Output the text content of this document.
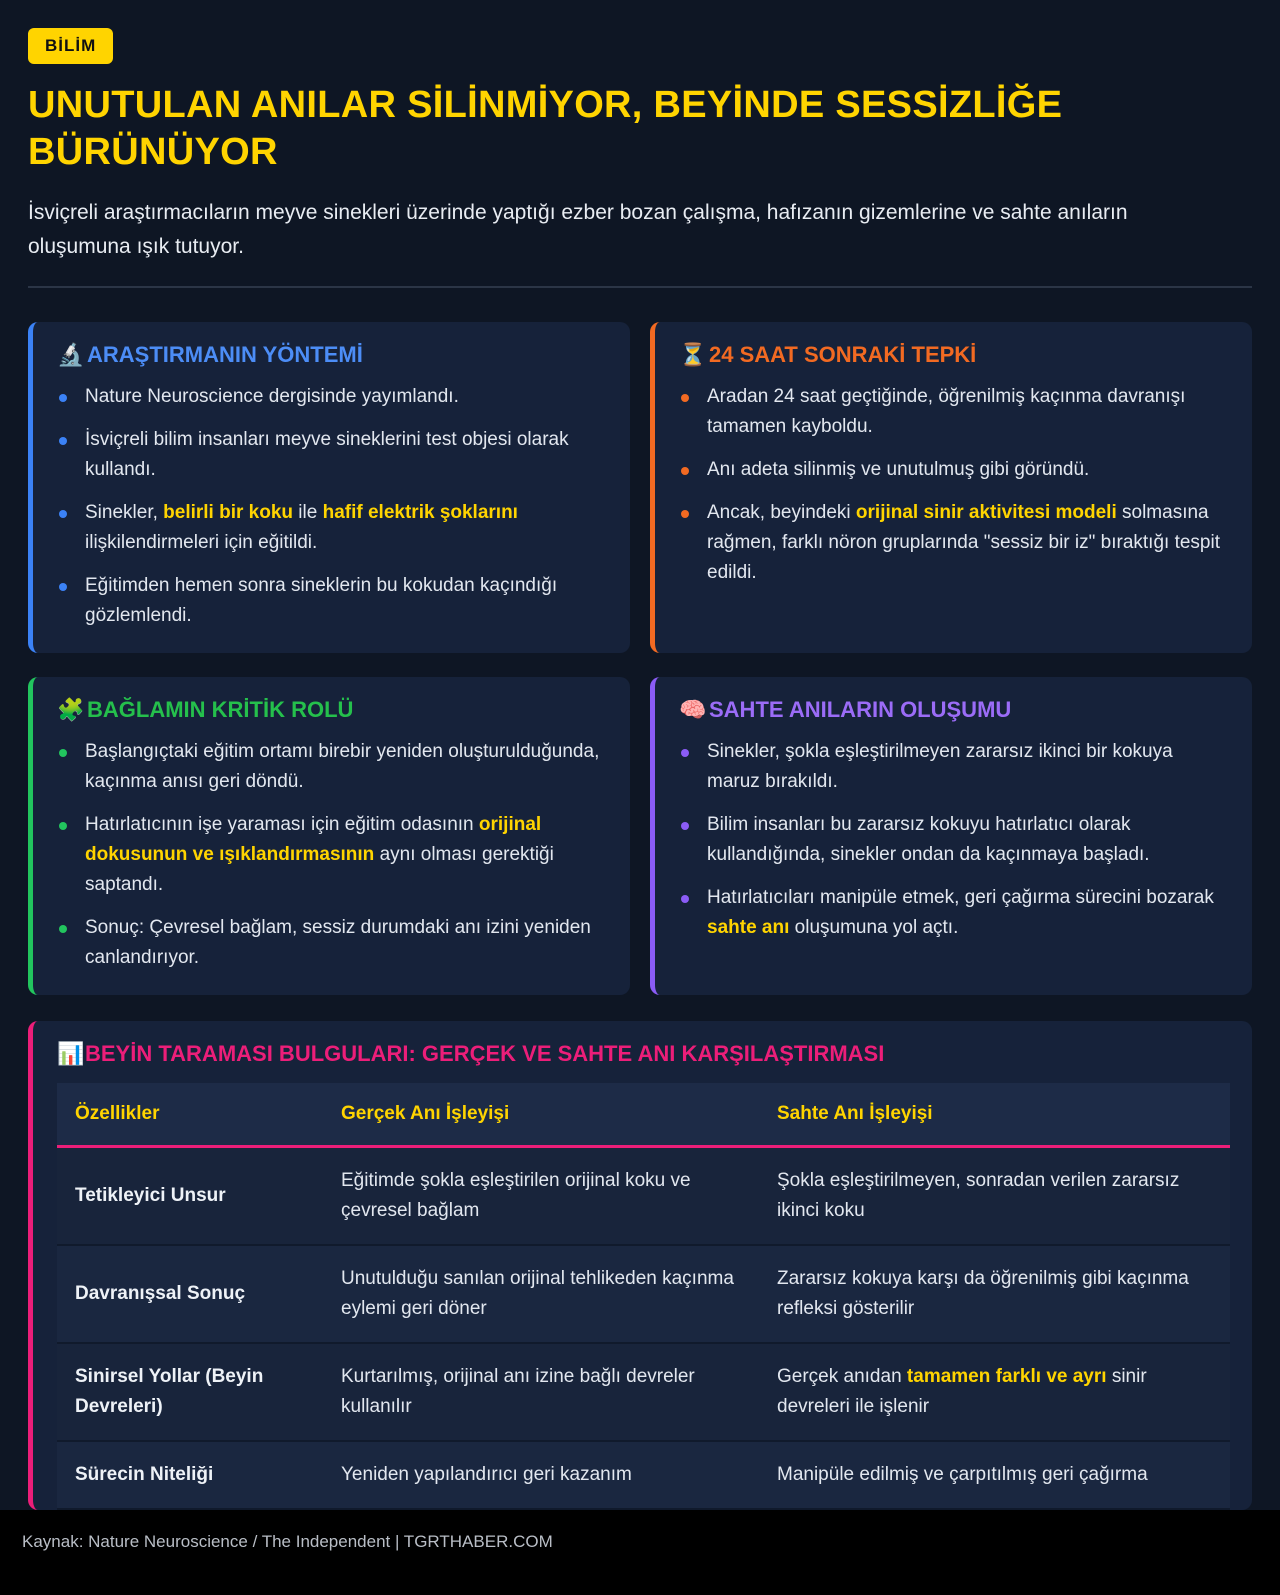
BİLİM
UNUTULAN ANILAR SİLİNMİYOR, BEYİNDE SESSİZLİĞE BÜRÜNÜYOR

İsviçreli araştırmacıların meyve sinekleri üzerinde yaptığı ezber bozan çalışma, hafızanın gizemlerine ve sahte anıların oluşumuna ışık tutuyor.

🔬 ARAŞTIRMANIN YÖNTEMİ
Nature Neuroscience dergisinde yayımlandı.
İsviçreli bilim insanları meyve sineklerini test objesi olarak kullandı.
Sinekler, belirli bir koku ile hafif elektrik şoklarını ilişkilendirmeleri için eğitildi.
Eğitimden hemen sonra sineklerin bu kokudan kaçındığı gözlemlendi.
⏳ 24 SAAT SONRAKİ TEPKİ
Aradan 24 saat geçtiğinde, öğrenilmiş kaçınma davranışı tamamen kayboldu.
Anı adeta silinmiş ve unutulmuş gibi göründü.
Ancak, beyindeki orijinal sinir aktivitesi modeli solmasına rağmen, farklı nöron gruplarında "sessiz bir iz" bıraktığı tespit edildi.
🧩 BAĞLAMIN KRİTİK ROLÜ
Başlangıçtaki eğitim ortamı birebir yeniden oluşturulduğunda, kaçınma anısı geri döndü.
Hatırlatıcının işe yaraması için eğitim odasının orijinal dokusunun ve ışıklandırmasının aynı olması gerektiği saptandı.
Sonuç: Çevresel bağlam, sessiz durumdaki anı izini yeniden canlandırıyor.
🧠 SAHTE ANILARIN OLUŞUMU
Sinekler, şokla eşleştirilmeyen zararsız ikinci bir kokuya maruz bırakıldı.
Bilim insanları bu zararsız kokuyu hatırlatıcı olarak kullandığında, sinekler ondan da kaçınmaya başladı.
Hatırlatıcıları manipüle etmek, geri çağırma sürecini bozarak sahte anı oluşumuna yol açtı.
📊 BEYİN TARAMASI BULGULARI: GERÇEK VE SAHTE ANI KARŞILAŞTIRMASI
Özellikler	Gerçek Anı İşleyişi	Sahte Anı İşleyişi
Tetikleyici Unsur	Eğitimde şokla eşleştirilen orijinal koku ve çevresel bağlam	Şokla eşleştirilmeyen, sonradan verilen zararsız ikinci koku
Davranışsal Sonuç	Unutulduğu sanılan orijinal tehlikeden kaçınma eylemi geri döner	Zararsız kokuya karşı da öğrenilmiş gibi kaçınma refleksi gösterilir
Sinirsel Yollar (Beyin Devreleri)	Kurtarılmış, orijinal anı izine bağlı devreler kullanılır	Gerçek anıdan tamamen farklı ve ayrı sinir devreleri ile işlenir
Sürecin Niteliği	Yeniden yapılandırıcı geri kazanım	Manipüle edilmiş ve çarpıtılmış geri çağırma
Kaynak: Nature Neuroscience / The Independent | TGRTHABER.COM
